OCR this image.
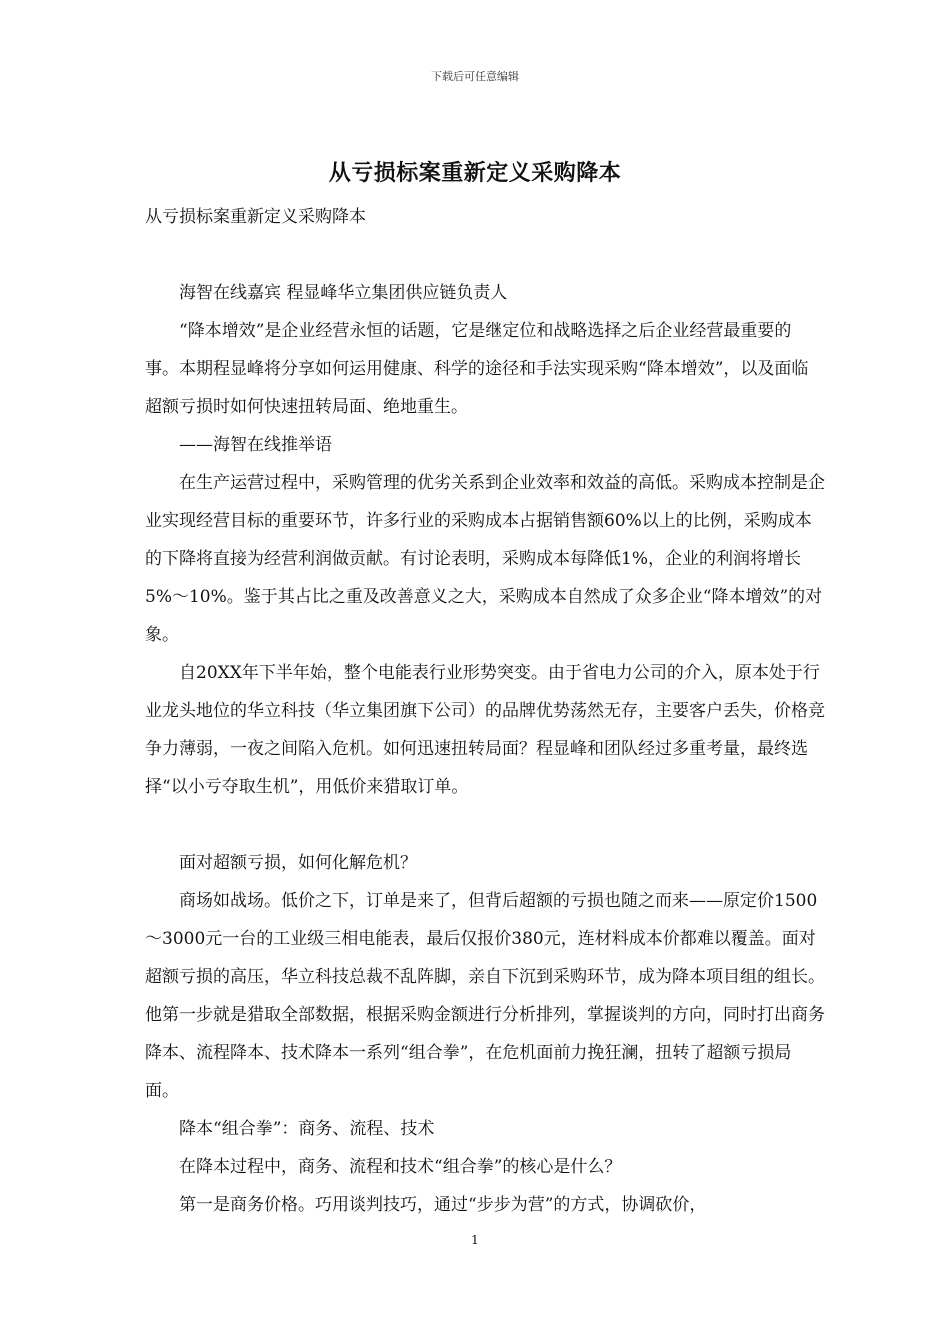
下载后可任意编辑
从亏损标案重新定义采购降本

从亏损标案重新定义采购降本

海智在线嘉宾 程显峰华立集团供应链负责人

“降本增效”是企业经营永恒的话题，它是继定位和战略选择之后企业经营最重要的事。本期程显峰将分享如何运用健康、科学的途径和手法实现采购“降本增效”，以及面临超额亏损时如何快速扭转局面、绝地重生。

——海智在线推举语

在生产运营过程中，采购管理的优劣关系到企业效率和效益的高低。采购成本控制是企业实现经营目标的重要环节，许多行业的采购成本占据销售额60%以上的比例，采购成本的下降将直接为经营利润做贡献。有讨论表明，采购成本每降低1%，企业的利润将增长5%～10%。鉴于其占比之重及改善意义之大，采购成本自然成了众多企业“降本增效”的对象。

自20XX年下半年始，整个电能表行业形势突变。由于省电力公司的介入，原本处于行业龙头地位的华立科技（华立集团旗下公司）的品牌优势荡然无存，主要客户丢失，价格竞争力薄弱，一夜之间陷入危机。如何迅速扭转局面？程显峰和团队经过多重考量，最终选择“以小亏夺取生机”，用低价来猎取订单。

面对超额亏损，如何化解危机？

商场如战场。低价之下，订单是来了，但背后超额的亏损也随之而来——原定价1500～3000元一台的工业级三相电能表，最后仅报价380元，连材料成本价都难以覆盖。面对超额亏损的高压，华立科技总裁不乱阵脚，亲自下沉到采购环节，成为降本项目组的组长。他第一步就是猎取全部数据，根据采购金额进行分析排列，掌握谈判的方向，同时打出商务降本、流程降本、技术降本一系列“组合拳”，在危机面前力挽狂澜，扭转了超额亏损局面。

降本“组合拳”：商务、流程、技术

在降本过程中，商务、流程和技术“组合拳”的核心是什么？

第一是商务价格。巧用谈判技巧，通过“步步为营”的方式，协调砍价，

1
